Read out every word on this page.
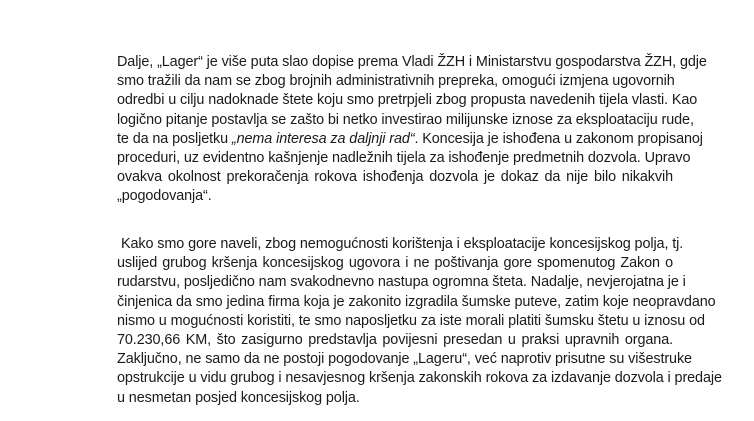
Dalje, „Lager“ je više puta slao dopise prema Vladi ŽZH i Ministarstvu gospodarstva ŽZH, gdje
smo tražili da nam se zbog brojnih administrativnih prepreka, omogući izmjena ugovornih
odredbi u cilju nadoknade štete koju smo pretrpjeli zbog propusta navedenih tijela vlasti. Kao
logično pitanje postavlja se zašto bi netko investirao milijunske iznose za eksploataciju rude,
te da na posljetku „nema interesa za daljnji rad“. Koncesija je ishođena u zakonom propisanoj
proceduri, uz evidentno kašnjenje nadležnih tijela za ishođenje predmetnih dozvola. Upravo
ovakva okolnost prekoračenja rokova ishođenja dozvola je dokaz da nije bilo nikakvih
„pogodovanja“.
Kako smo gore naveli, zbog nemogućnosti korištenja i eksploatacije koncesijskog polja, tj.
uslijed grubog kršenja koncesijskog ugovora i ne poštivanja gore spomenutog Zakon o
rudarstvu, posljedično nam svakodnevno nastupa ogromna šteta. Nadalje, nevjerojatna je i
činjenica da smo jedina firma koja je zakonito izgradila šumske puteve, zatim koje neopravdano
nismo u mogućnosti koristiti, te smo naposljetku za iste morali platiti šumsku štetu u iznosu od
70.230,66 KM, što zasigurno predstavlja povijesni presedan u praksi upravnih organa.
Zaključno, ne samo da ne postoji pogodovanje „Lageru“, već naprotiv prisutne su višestruke
opstrukcije u vidu grubog i nesavjesnog kršenja zakonskih rokova za izdavanje dozvola i predaje
u nesmetan posjed koncesijskog polja.
